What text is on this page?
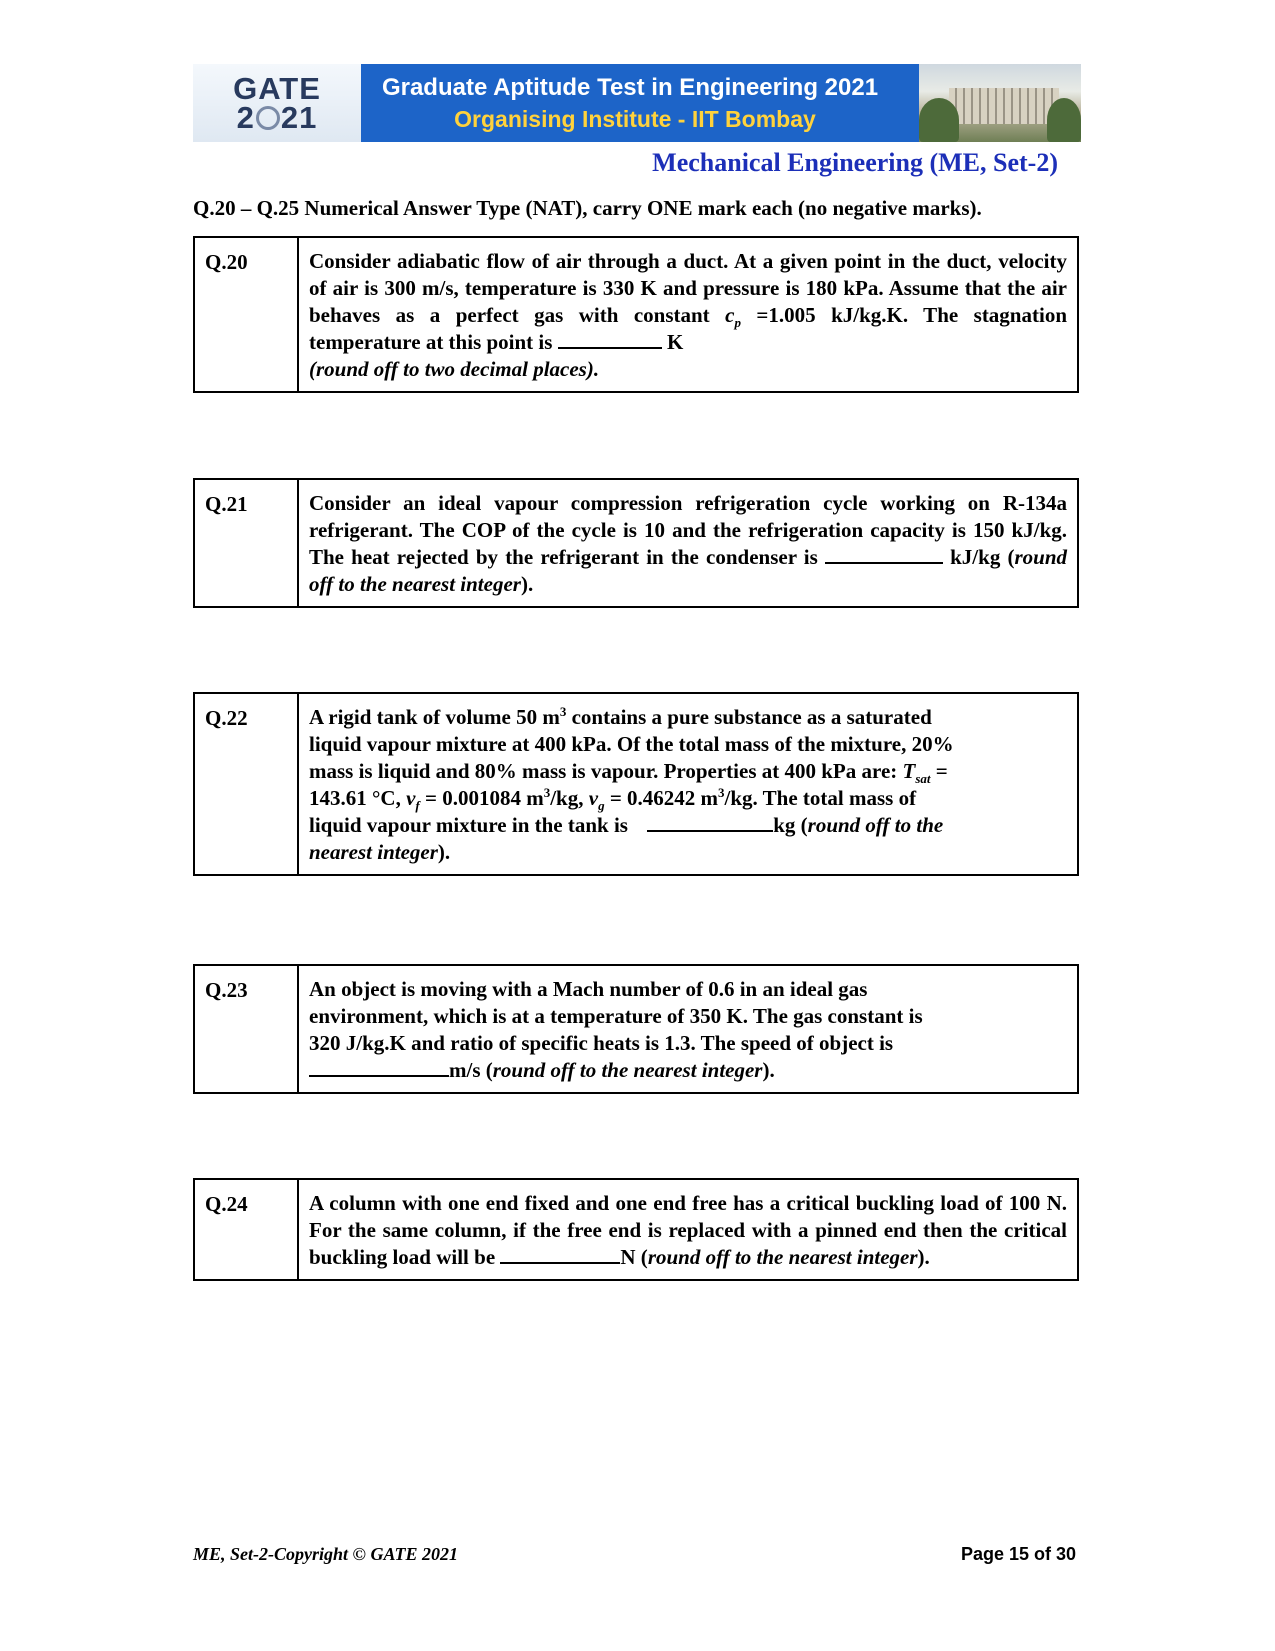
GATE
2 21
Graduate Aptitude Test in Engineering 2021
Organising Institute - IIT Bombay
Mechanical Engineering (ME, Set-2)
Q.20 – Q.25 Numerical Answer Type (NAT), carry ONE mark each (no negative marks).
Q.20	Consider adiabatic flow of air through a duct. At a given point in the duct, velocity of air is 300 m/s, temperature is 330 K and pressure is 180 kPa. Assume that the air behaves as a perfect gas with constant $c_p =1.005$ kJ/kg.K. The stagnation temperature at this point is	K
(round off to two decimal places).
Q.21	Consider an ideal vapour compression refrigeration cycle working on R-134a refrigerant. The COP of the cycle is 10 and the refrigeration capacity is 150 kJ/kg. The heat rejected by the refrigerant in the condenser is	kJ/kg (round off to the nearest integer).
Q.22	A rigid tank of volume 50 $m^3$ contains a pure substance as a saturated
liquid vapour mixture at 400 kPa. Of the total mass of the mixture, 20%
mass is liquid and 80% mass is vapour. Properties at 400 kPa are: $T_{sat}$ =
143.61 °C, $v_f = 0.001084$ $m^3/kg$, $v_g = 0.46242$ $m^3/kg$. The total mass of
liquid vapour mixture in the tank is	kg (round off to the
nearest integer).
Q.23	An object is moving with a Mach number of 0.6 in an ideal gas
environment, which is at a temperature of 350 K. The gas constant is
320 J/kg.K and ratio of specific heats is 1.3. The speed of object is
m/s (round off to the nearest integer).
Q.24	A column with one end fixed and one end free has a critical buckling load of 100 N. For the same column, if the free end is replaced with a pinned end then the critical buckling load will be	N (round off to the nearest integer).
ME, Set-2-Copyright © GATE 2021	Page 15 of 30
